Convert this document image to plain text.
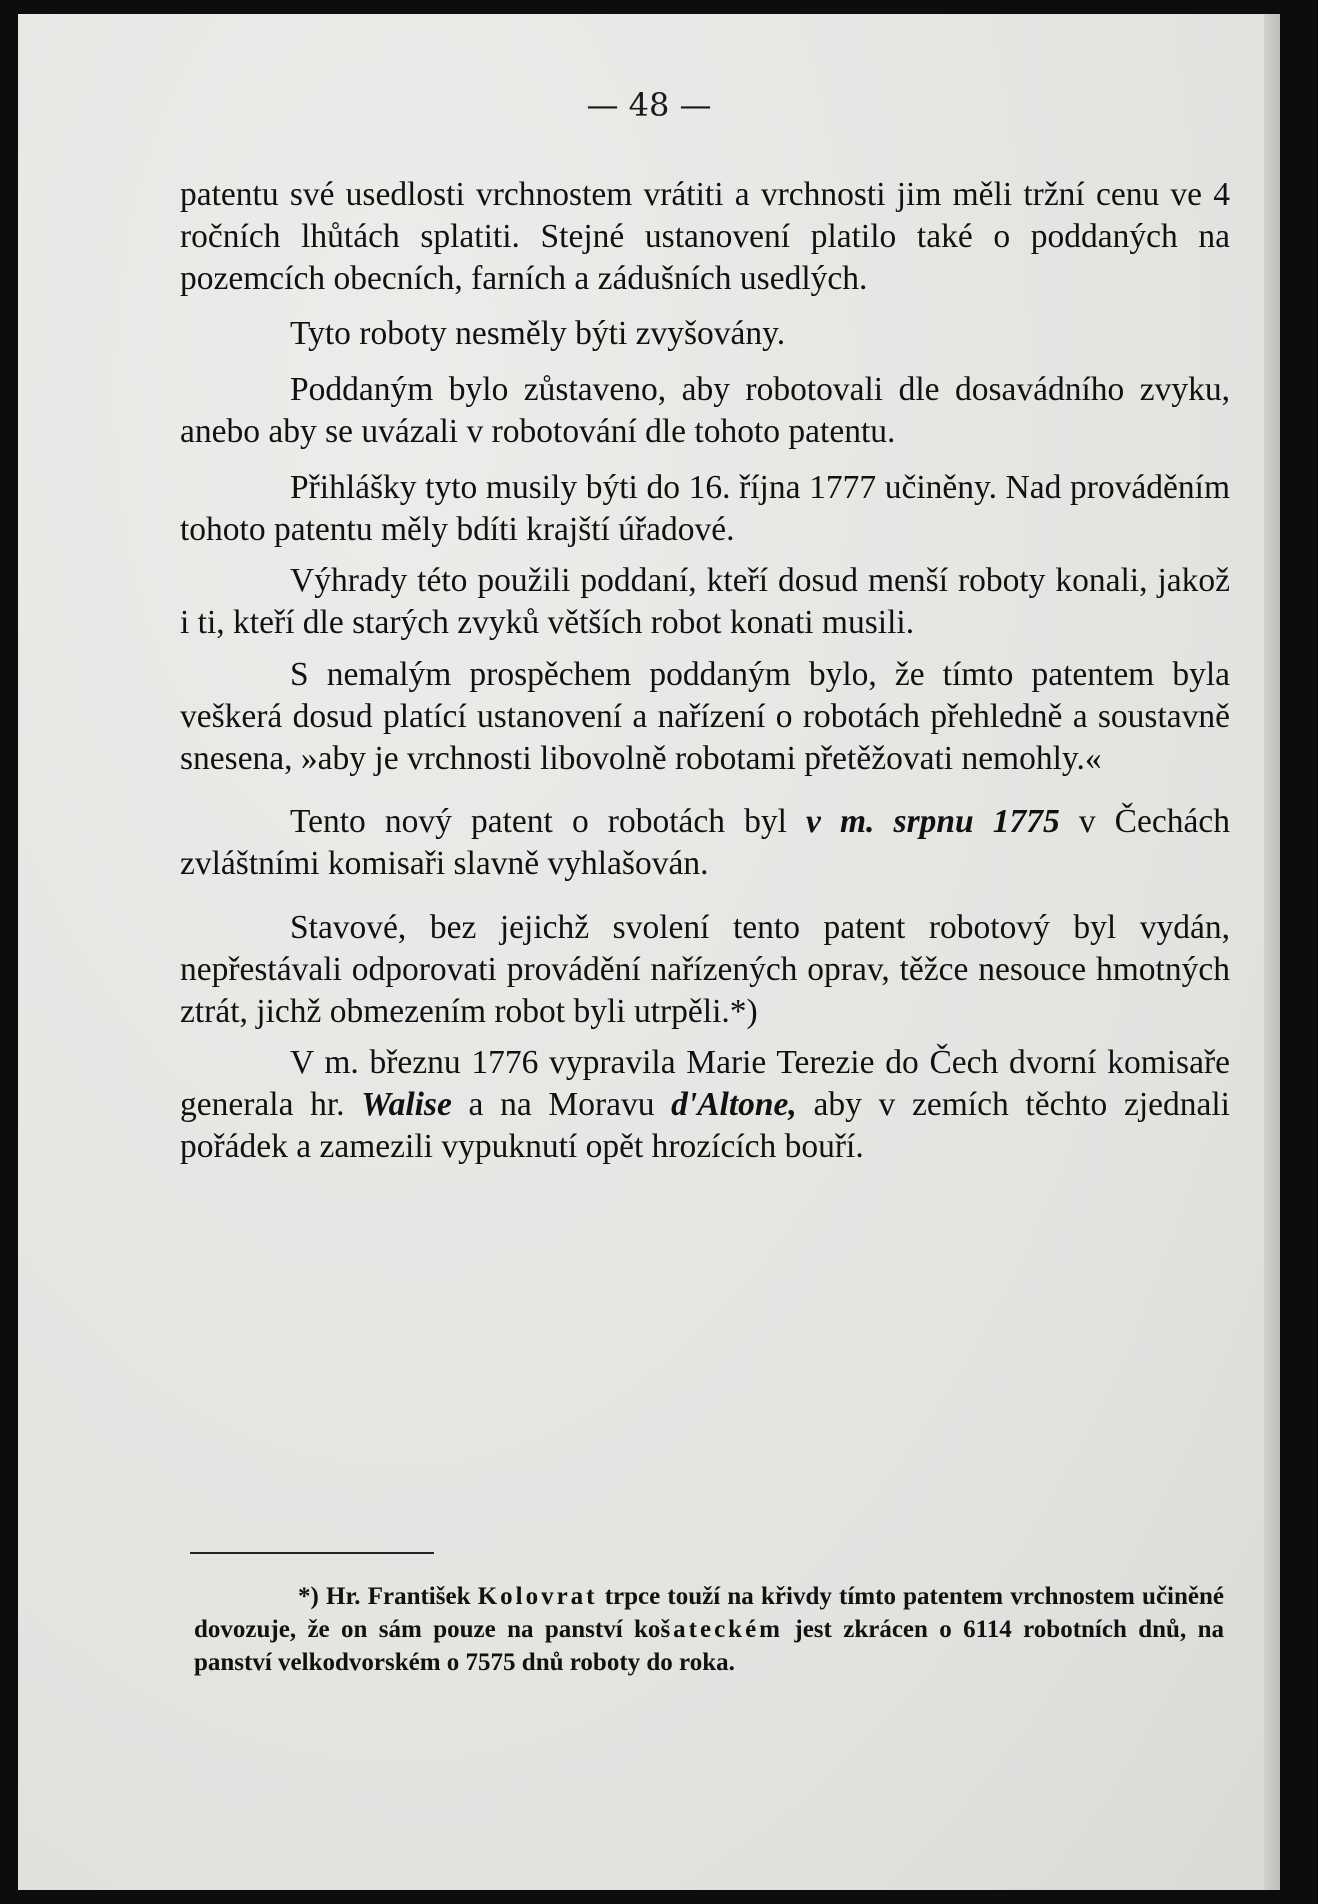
— 48 —

patentu své usedlosti vrchnostem vrátiti a vrchnosti jim měli tržní cenu ve 4 ročních lhůtách splatiti. Stejné ustanovení platilo také o poddaných na pozemcích obecních, farních a zádušních usedlých.

Tyto roboty nesměly býti zvyšovány.

Poddaným bylo zůstaveno, aby robotovali dle dosavádního zvyku, anebo aby se uvázali v robotování dle tohoto patentu.

Přihlášky tyto musily býti do 16. října 1777 učiněny. Nad prováděním tohoto patentu měly bdíti krajští úřadové.

Výhrady této použili poddaní, kteří dosud menší roboty konali, jakož i ti, kteří dle starých zvyků větších robot konati musili.

S nemalým prospěchem poddaným bylo, že tímto patentem byla veškerá dosud platící ustanovení a nařízení o robotách přehledně a soustavně snesena, »aby je vrchnosti libovolně robotami přetěžovati nemohly.«

Tento nový patent o robotách byl v m. srpnu 1775 v Čechách zvláštními komisaři slavně vyhlašován.

Stavové, bez jejichž svolení tento patent robotový byl vydán, nepřestávali odporovati provádění nařízených oprav, těžce nesouce hmotných ztrát, jichž obmezením robot byli utrpěli.*)

V m. březnu 1776 vypravila Marie Terezie do Čech dvorní komisaře generala hr. Walise a na Moravu d'Altone, aby v zemích těchto zjednali pořádek a zamezili vypuknutí opět hrozících bouří.

*) Hr. František Kolovrat trpce touží na křivdy tímto patentem vrchnostem učiněné dovozuje, že on sám pouze na panství košateckém jest zkrácen o 6114 robotních dnů, na panství velkodvorském o 7575 dnů roboty do roka.
